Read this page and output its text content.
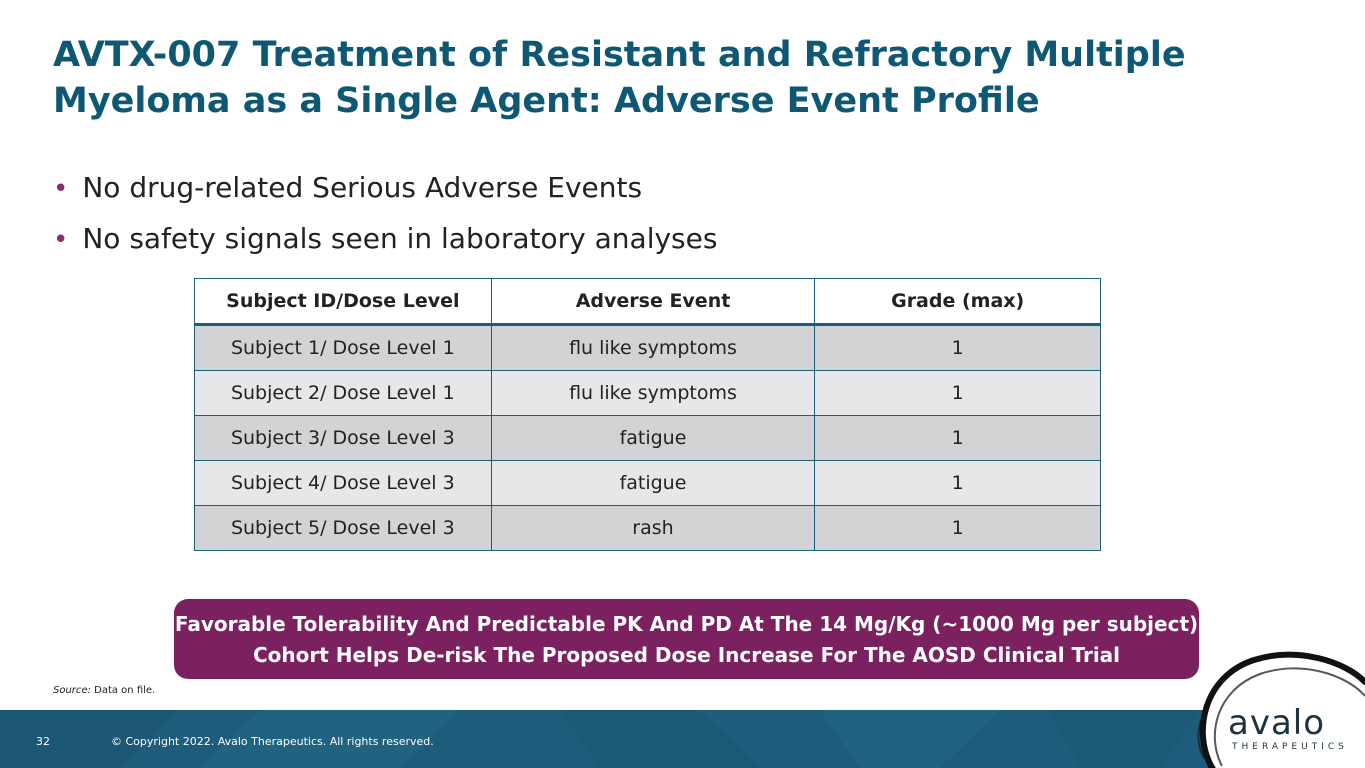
AVTX-007 Treatment of Resistant and Refractory Multiple
Myeloma as a Single Agent: Adverse Event Profile
• No drug-related Serious Adverse Events
• No safety signals seen in laboratory analyses
Subject ID/Dose Level	Adverse Event	Grade (max)
Subject 1/ Dose Level 1	flu like symptoms	1
Subject 2/ Dose Level 1	flu like symptoms	1
Subject 3/ Dose Level 3	fatigue	1
Subject 4/ Dose Level 3	fatigue	1
Subject 5/ Dose Level 3	rash	1
Favorable Tolerability And Predictable PK And PD At The 14 Mg/Kg (~1000 Mg per subject)
Cohort Helps De-risk The Proposed Dose Increase For The AOSD Clinical Trial
Source: Data on file.
32	© Copyright 2022. Avalo Therapeutics. All rights reserved.	avalo
THERAPEUTICS
